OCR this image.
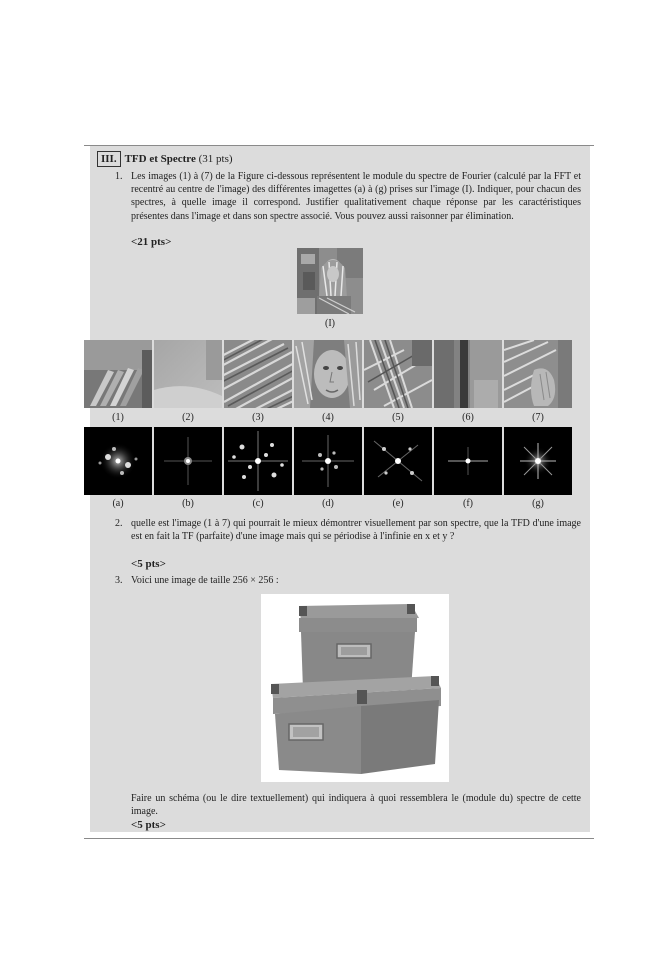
III. TFD et Spectre (31 pts)
1. Les images (1) à (7) de la Figure ci-dessous représentent le module du spectre de Fourier (calculé par la FFT et recentré au centre de l'image) des différentes imagettes (a) à (g) prises sur l'image (I). Indiquer, pour chacun des spectres, à quelle image il correspond. Justifier qualitativement chaque réponse par les caractéristiques présentes dans l'image et dans son spectre associé. Vous pouvez aussi raisonner par élimination.
<21 pts>
(I)
(1)	(2)	(3)	(4)	(5)	(6)	(7)
(a)	(b)	(c)	(d)	(e)	(f)	(g)
2. quelle est l'image (1 à 7) qui pourrait le mieux démontrer visuellement par son spectre, que la TFD d'une image est en fait la TF (parfaite) d'une image mais qui se périodise à l'infinie en x et y ?
<5 pts>
3. Voici une image de taille 256 × 256 :
Faire un schéma (ou le dire textuellement) qui indiquera à quoi ressemblera le (module du) spectre de cette image.
<5 pts>
